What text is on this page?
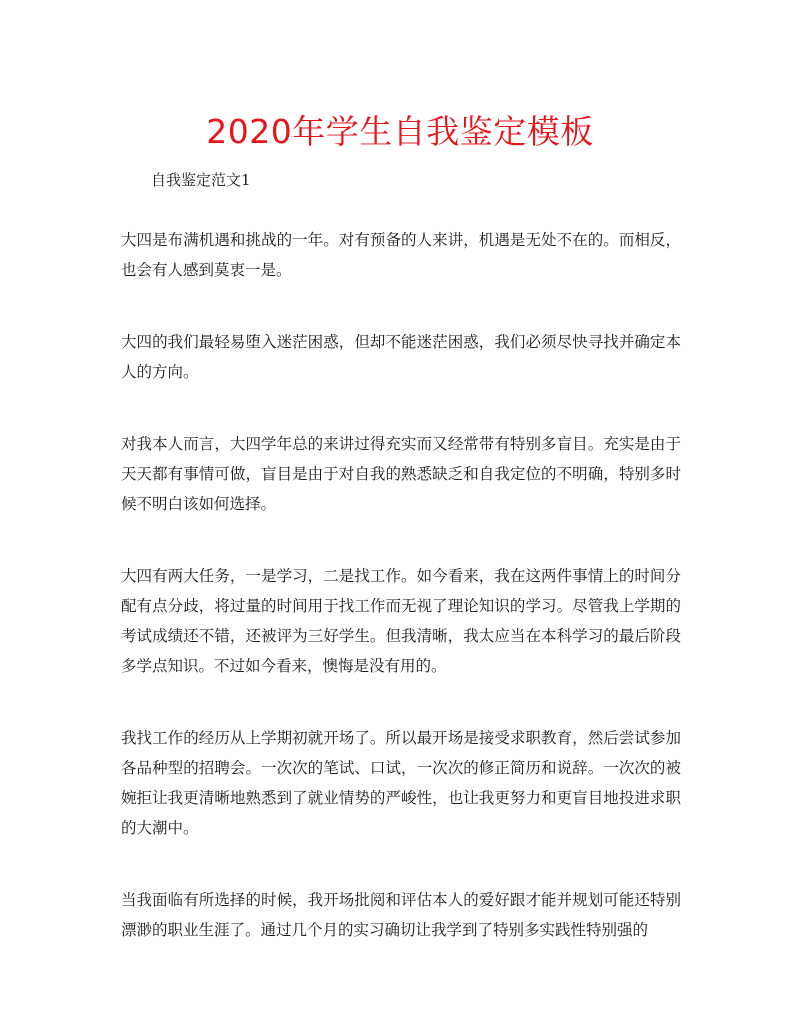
2020年学生自我鉴定模板
自我鉴定范文1

大四是布满机遇和挑战的一年。对有预备的人来讲，机遇是无处不在的。而相反，也会有人感到莫衷一是。

大四的我们最轻易堕入迷茫困惑，但却不能迷茫困惑，我们必须尽快寻找并确定本人的方向。

对我本人而言，大四学年总的来讲过得充实而又经常带有特别多盲目。充实是由于天天都有事情可做，盲目是由于对自我的熟悉缺乏和自我定位的不明确，特别多时候不明白该如何选择。

大四有两大任务，一是学习，二是找工作。如今看来，我在这两件事情上的时间分配有点分歧，将过量的时间用于找工作而无视了理论知识的学习。尽管我上学期的考试成绩还不错，还被评为三好学生。但我清晰，我太应当在本科学习的最后阶段多学点知识。不过如今看来，懊悔是没有用的。

我找工作的经历从上学期初就开场了。所以最开场是接受求职教育，然后尝试参加各品种型的招聘会。一次次的笔试、口试，一次次的修正简历和说辞。一次次的被婉拒让我更清晰地熟悉到了就业情势的严峻性，也让我更努力和更盲目地投进求职的大潮中。

当我面临有所选择的时候，我开场批阅和评估本人的爱好跟才能并规划可能还特别漂渺的职业生涯了。通过几个月的实习确切让我学到了特别多实践性特别强的
